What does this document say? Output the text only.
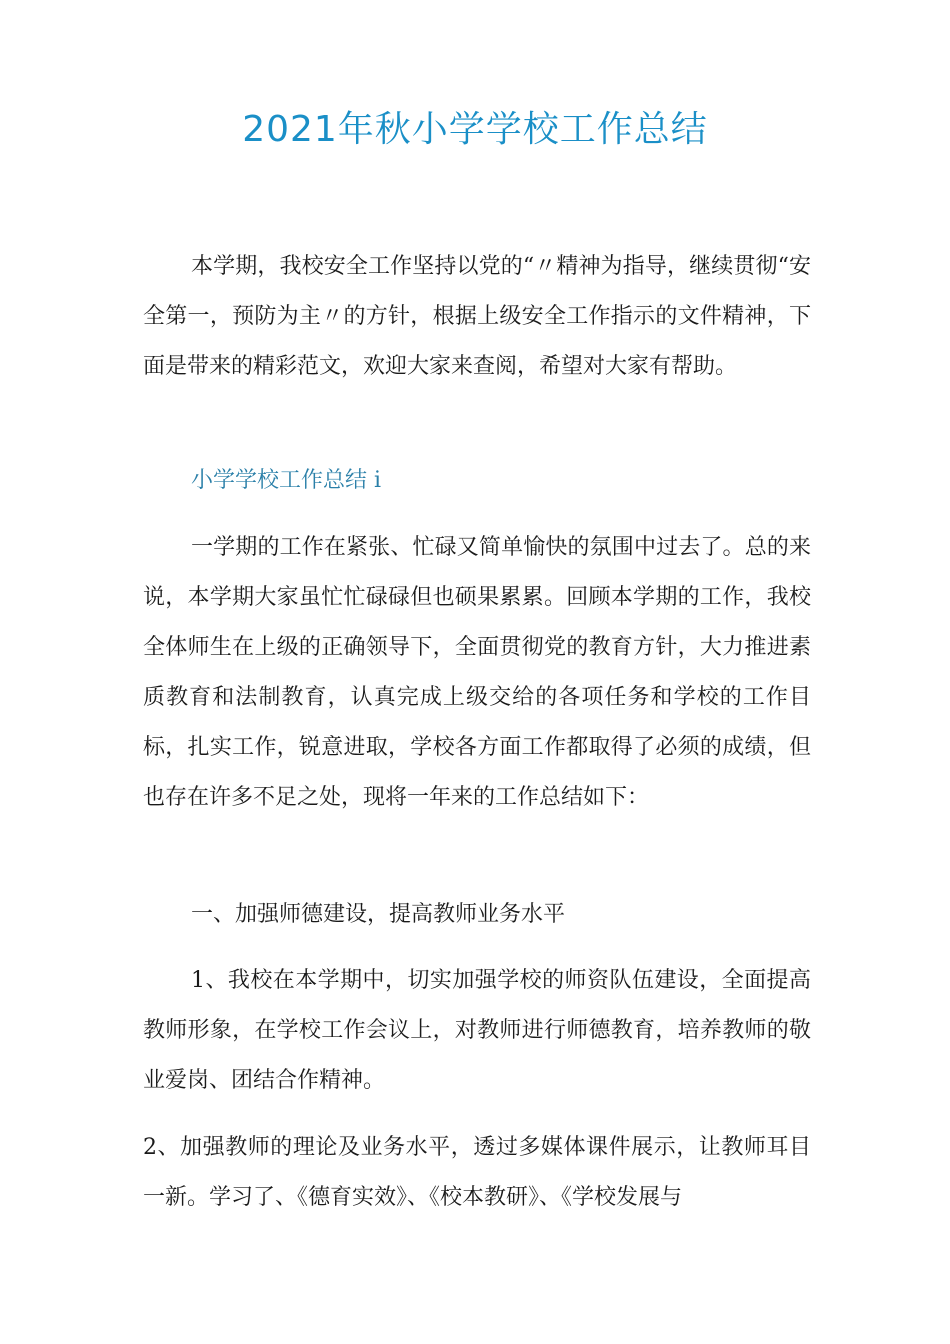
2021年秋小学学校工作总结

本学期，我校安全工作坚持以党的“〃精神为指导，继续贯彻“安全第一，预防为主〃的方针，根据上级安全工作指示的文件精神，下面是带来的精彩范文，欢迎大家来查阅，希望对大家有帮助。

小学学校工作总结 i

一学期的工作在紧张、忙碌又简单愉快的氛围中过去了。总的来说，本学期大家虽忙忙碌碌但也硕果累累。回顾本学期的工作，我校全体师生在上级的正确领导下，全面贯彻党的教育方针，大力推进素质教育和法制教育，认真完成上级交给的各项任务和学校的工作目标，扎实工作，锐意进取，学校各方面工作都取得了必须的成绩，但也存在许多不足之处，现将一年来的工作总结如下：

一、加强师德建设，提高教师业务水平

1、我校在本学期中，切实加强学校的师资队伍建设，全面提高教师形象，在学校工作会议上，对教师进行师德教育，培养教师的敬业爱岗、团结合作精神。

2、加强教师的理论及业务水平，透过多媒体课件展示，让教师耳目一新。学习了、《德育实效》、《校本教研》、《学校发展与
